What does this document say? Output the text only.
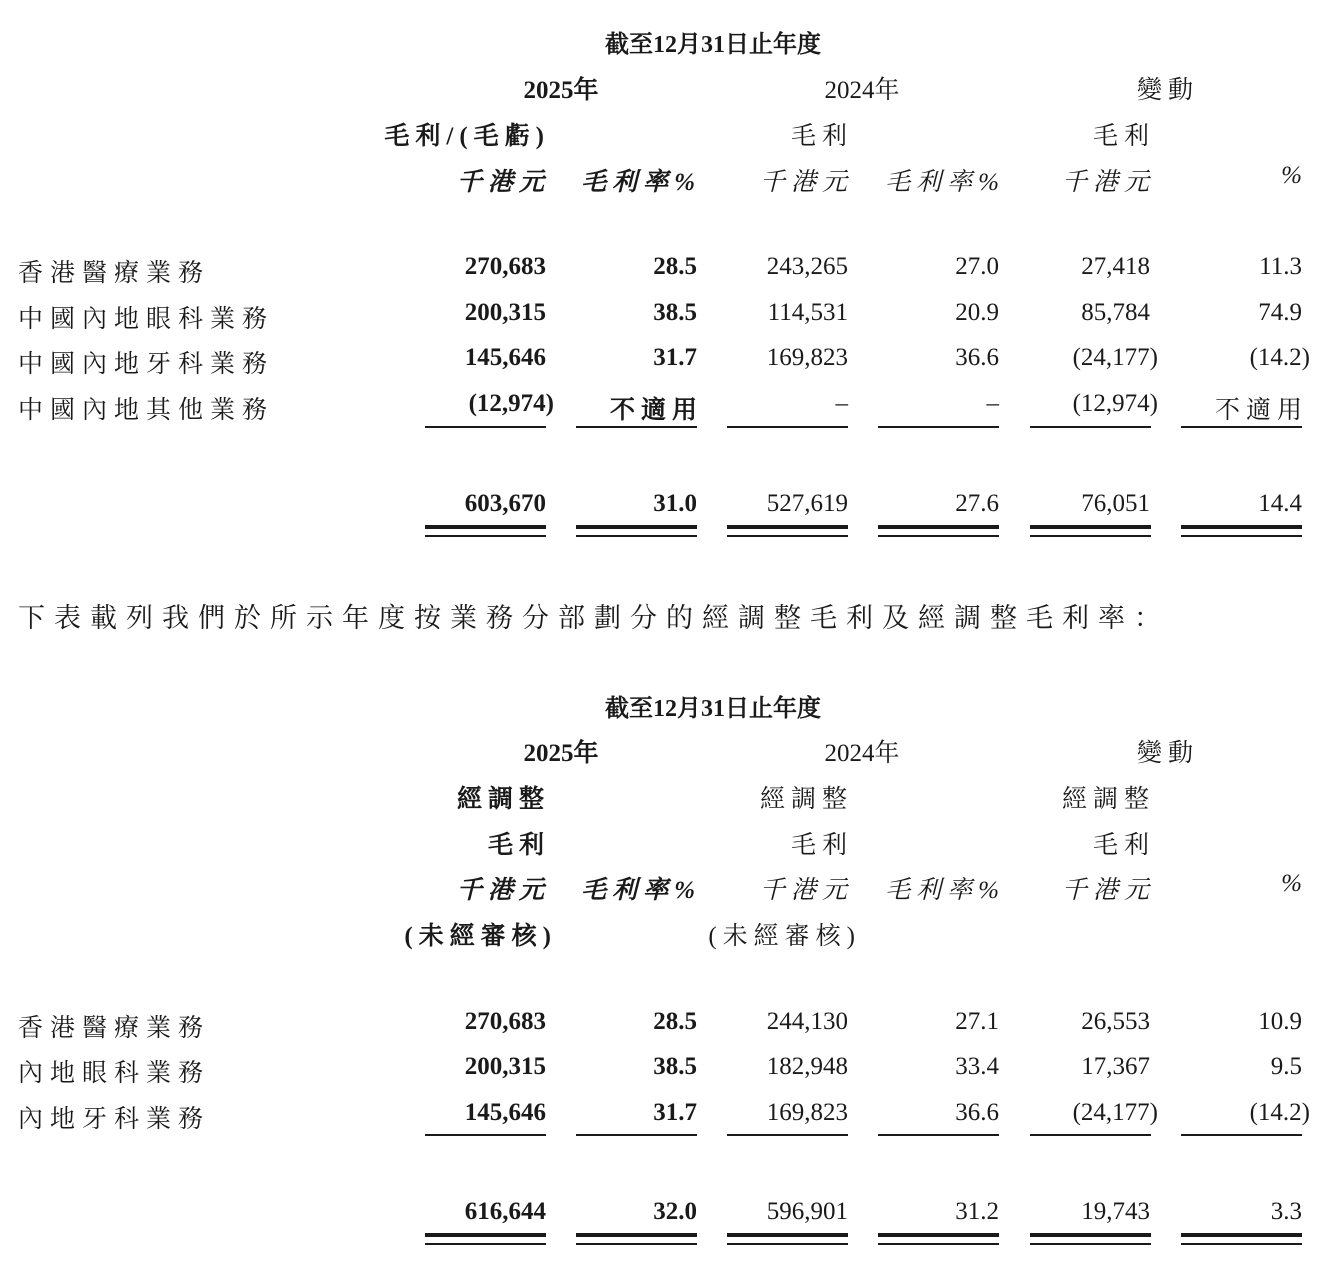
截至12月31日止年度
2025年	2024年	變動
毛利/(毛虧)	毛利	毛利
千港元 毛利率% 千港元 毛利率% 千港元	%
香港醫療業務	270,683	28.5	243,265	27.0	27,418	11.3
中國內地眼科業務	200,315	38.5	114,531	20.9	85,784	74.9
中國內地牙科業務	145,646	31.7	169,823	36.6	(24,177)	(14.2)
中國內地其他業務	(12,974)	不適用	–	–	(12,974)	不適用
603,670	31.0	527,619	27.6	76,051	14.4
下表載列我們於所示年度按業務分部劃分的經調整毛利及經調整毛利率：
截至12月31日止年度
2025年	2024年	變動
經調整	經調整	經調整
毛利	毛利	毛利
千港元 毛利率% 千港元 毛利率% 千港元	%
(未經審核)	(未經審核)
香港醫療業務	270,683	28.5	244,130	27.1	26,553	10.9
內地眼科業務	200,315	38.5	182,948	33.4	17,367	9.5
內地牙科業務	145,646	31.7	169,823	36.6	(24,177)	(14.2)
616,644	32.0	596,901	31.2	19,743	3.3
